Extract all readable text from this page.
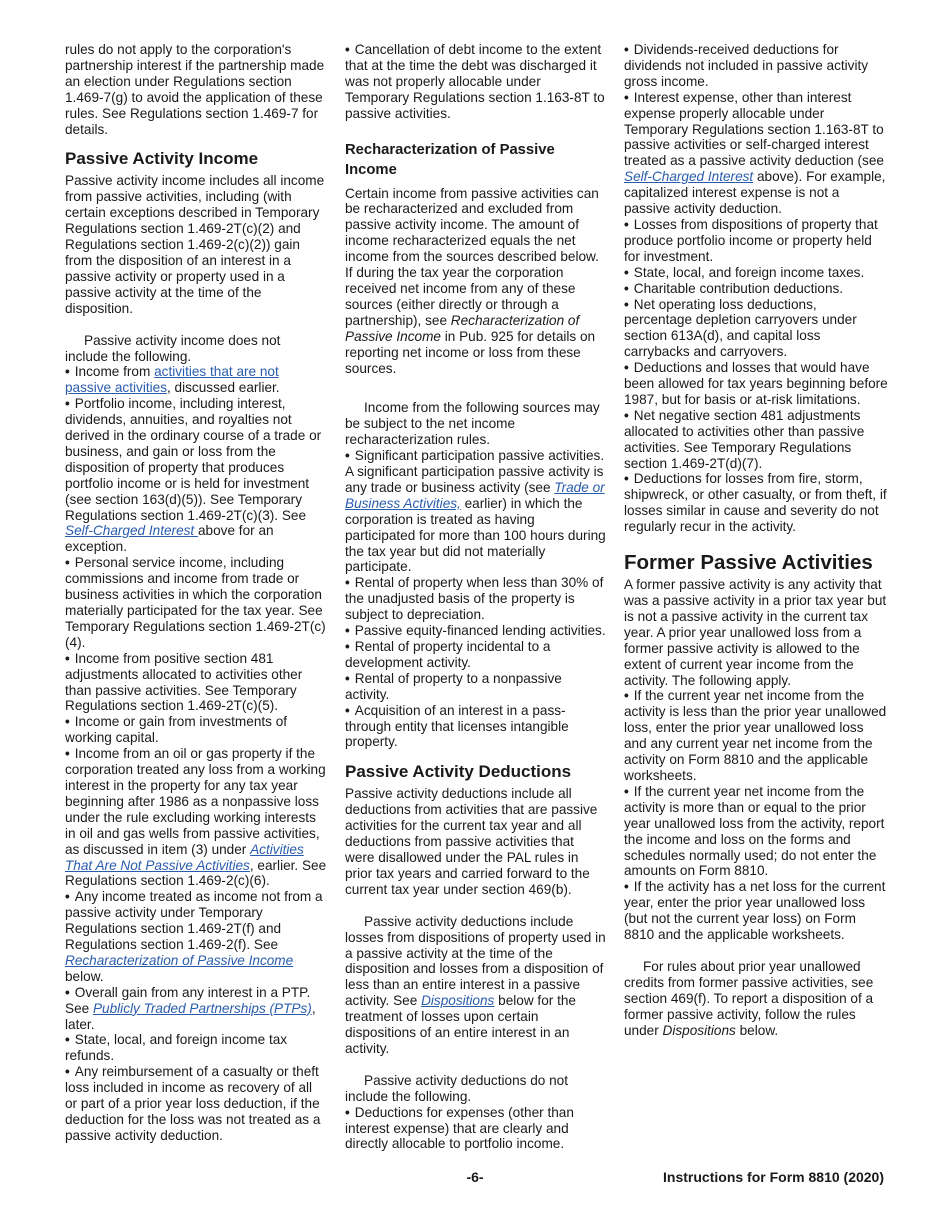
rules do not apply to the corporation's partnership interest if the partnership made an election under Regulations section 1.469-7(g) to avoid the application of these rules. See Regulations section 1.469-7 for details.

Passive Activity Income

Passive activity income includes all income from passive activities, including (with certain exceptions described in Temporary Regulations section 1.469-2T(c)(2) and Regulations section 1.469-2(c)(2)) gain from the disposition of an interest in a passive activity or property used in a passive activity at the time of the disposition.

Passive activity income does not include the following.

• Income from activities that are not passive activities, discussed earlier.
• Portfolio income, including interest, dividends, annuities, and royalties not derived in the ordinary course of a trade or business, and gain or loss from the disposition of property that produces portfolio income or is held for investment (see section 163(d)(5)). See Temporary Regulations section 1.469-2T(c)(3). See Self-Charged Interest above for an exception.
• Personal service income, including commissions and income from trade or business activities in which the corporation materially participated for the tax year. See Temporary Regulations section 1.469-2T(c)(4).
• Income from positive section 481 adjustments allocated to activities other than passive activities. See Temporary Regulations section 1.469-2T(c)(5).
• Income or gain from investments of working capital.
• Income from an oil or gas property if the corporation treated any loss from a working interest in the property for any tax year beginning after 1986 as a nonpassive loss under the rule excluding working interests in oil and gas wells from passive activities, as discussed in item (3) under Activities That Are Not Passive Activities, earlier. See Regulations section 1.469-2(c)(6).
• Any income treated as income not from a passive activity under Temporary Regulations section 1.469-2T(f) and Regulations section 1.469-2(f). See Recharacterization of Passive Income below.
• Overall gain from any interest in a PTP. See Publicly Traded Partnerships (PTPs), later.
• State, local, and foreign income tax refunds.
• Any reimbursement of a casualty or theft loss included in income as recovery of all or part of a prior year loss deduction, if the deduction for the loss was not treated as a passive activity deduction.
• Cancellation of debt income to the extent that at the time the debt was discharged it was not properly allocable under Temporary Regulations section 1.163-8T to passive activities.
Recharacterization of Passive Income

Certain income from passive activities can be recharacterized and excluded from passive activity income. The amount of income recharacterized equals the net income from the sources described below. If during the tax year the corporation received net income from any of these sources (either directly or through a partnership), see Recharacterization of Passive Income in Pub. 925 for details on reporting net income or loss from these sources.

Income from the following sources may be subject to the net income recharacterization rules.

• Significant participation passive activities. A significant participation passive activity is any trade or business activity (see Trade or Business Activities, earlier) in which the corporation is treated as having participated for more than 100 hours during the tax year but did not materially participate.
• Rental of property when less than 30% of the unadjusted basis of the property is subject to depreciation.
• Passive equity-financed lending activities.
• Rental of property incidental to a development activity.
• Rental of property to a nonpassive activity.
• Acquisition of an interest in a pass-through entity that licenses intangible property.
Passive Activity Deductions

Passive activity deductions include all deductions from activities that are passive activities for the current tax year and all deductions from passive activities that were disallowed under the PAL rules in prior tax years and carried forward to the current tax year under section 469(b).

Passive activity deductions include losses from dispositions of property used in a passive activity at the time of the disposition and losses from a disposition of less than an entire interest in a passive activity. See Dispositions below for the treatment of losses upon certain dispositions of an entire interest in an activity.

Passive activity deductions do not include the following.

• Deductions for expenses (other than interest expense) that are clearly and directly allocable to portfolio income.
• Dividends-received deductions for dividends not included in passive activity gross income.
• Interest expense, other than interest expense properly allocable under Temporary Regulations section 1.163-8T to passive activities or self-charged interest treated as a passive activity deduction (see Self-Charged Interest above). For example, capitalized interest expense is not a passive activity deduction.
• Losses from dispositions of property that produce portfolio income or property held for investment.
• State, local, and foreign income taxes.
• Charitable contribution deductions.
• Net operating loss deductions, percentage depletion carryovers under section 613A(d), and capital loss carrybacks and carryovers.
• Deductions and losses that would have been allowed for tax years beginning before 1987, but for basis or at-risk limitations.
• Net negative section 481 adjustments allocated to activities other than passive activities. See Temporary Regulations section 1.469-2T(d)(7).
• Deductions for losses from fire, storm, shipwreck, or other casualty, or from theft, if losses similar in cause and severity do not regularly recur in the activity.
Former Passive Activities

A former passive activity is any activity that was a passive activity in a prior tax year but is not a passive activity in the current tax year. A prior year unallowed loss from a former passive activity is allowed to the extent of current year income from the activity. The following apply.

• If the current year net income from the activity is less than the prior year unallowed loss, enter the prior year unallowed loss and any current year net income from the activity on Form 8810 and the applicable worksheets.
• If the current year net income from the activity is more than or equal to the prior year unallowed loss from the activity, report the income and loss on the forms and schedules normally used; do not enter the amounts on Form 8810.
• If the activity has a net loss for the current year, enter the prior year unallowed loss (but not the current year loss) on Form 8810 and the applicable worksheets.

For rules about prior year unallowed credits from former passive activities, see section 469(f). To report a disposition of a former passive activity, follow the rules under Dispositions below.

-6-	Instructions for Form 8810 (2020)
